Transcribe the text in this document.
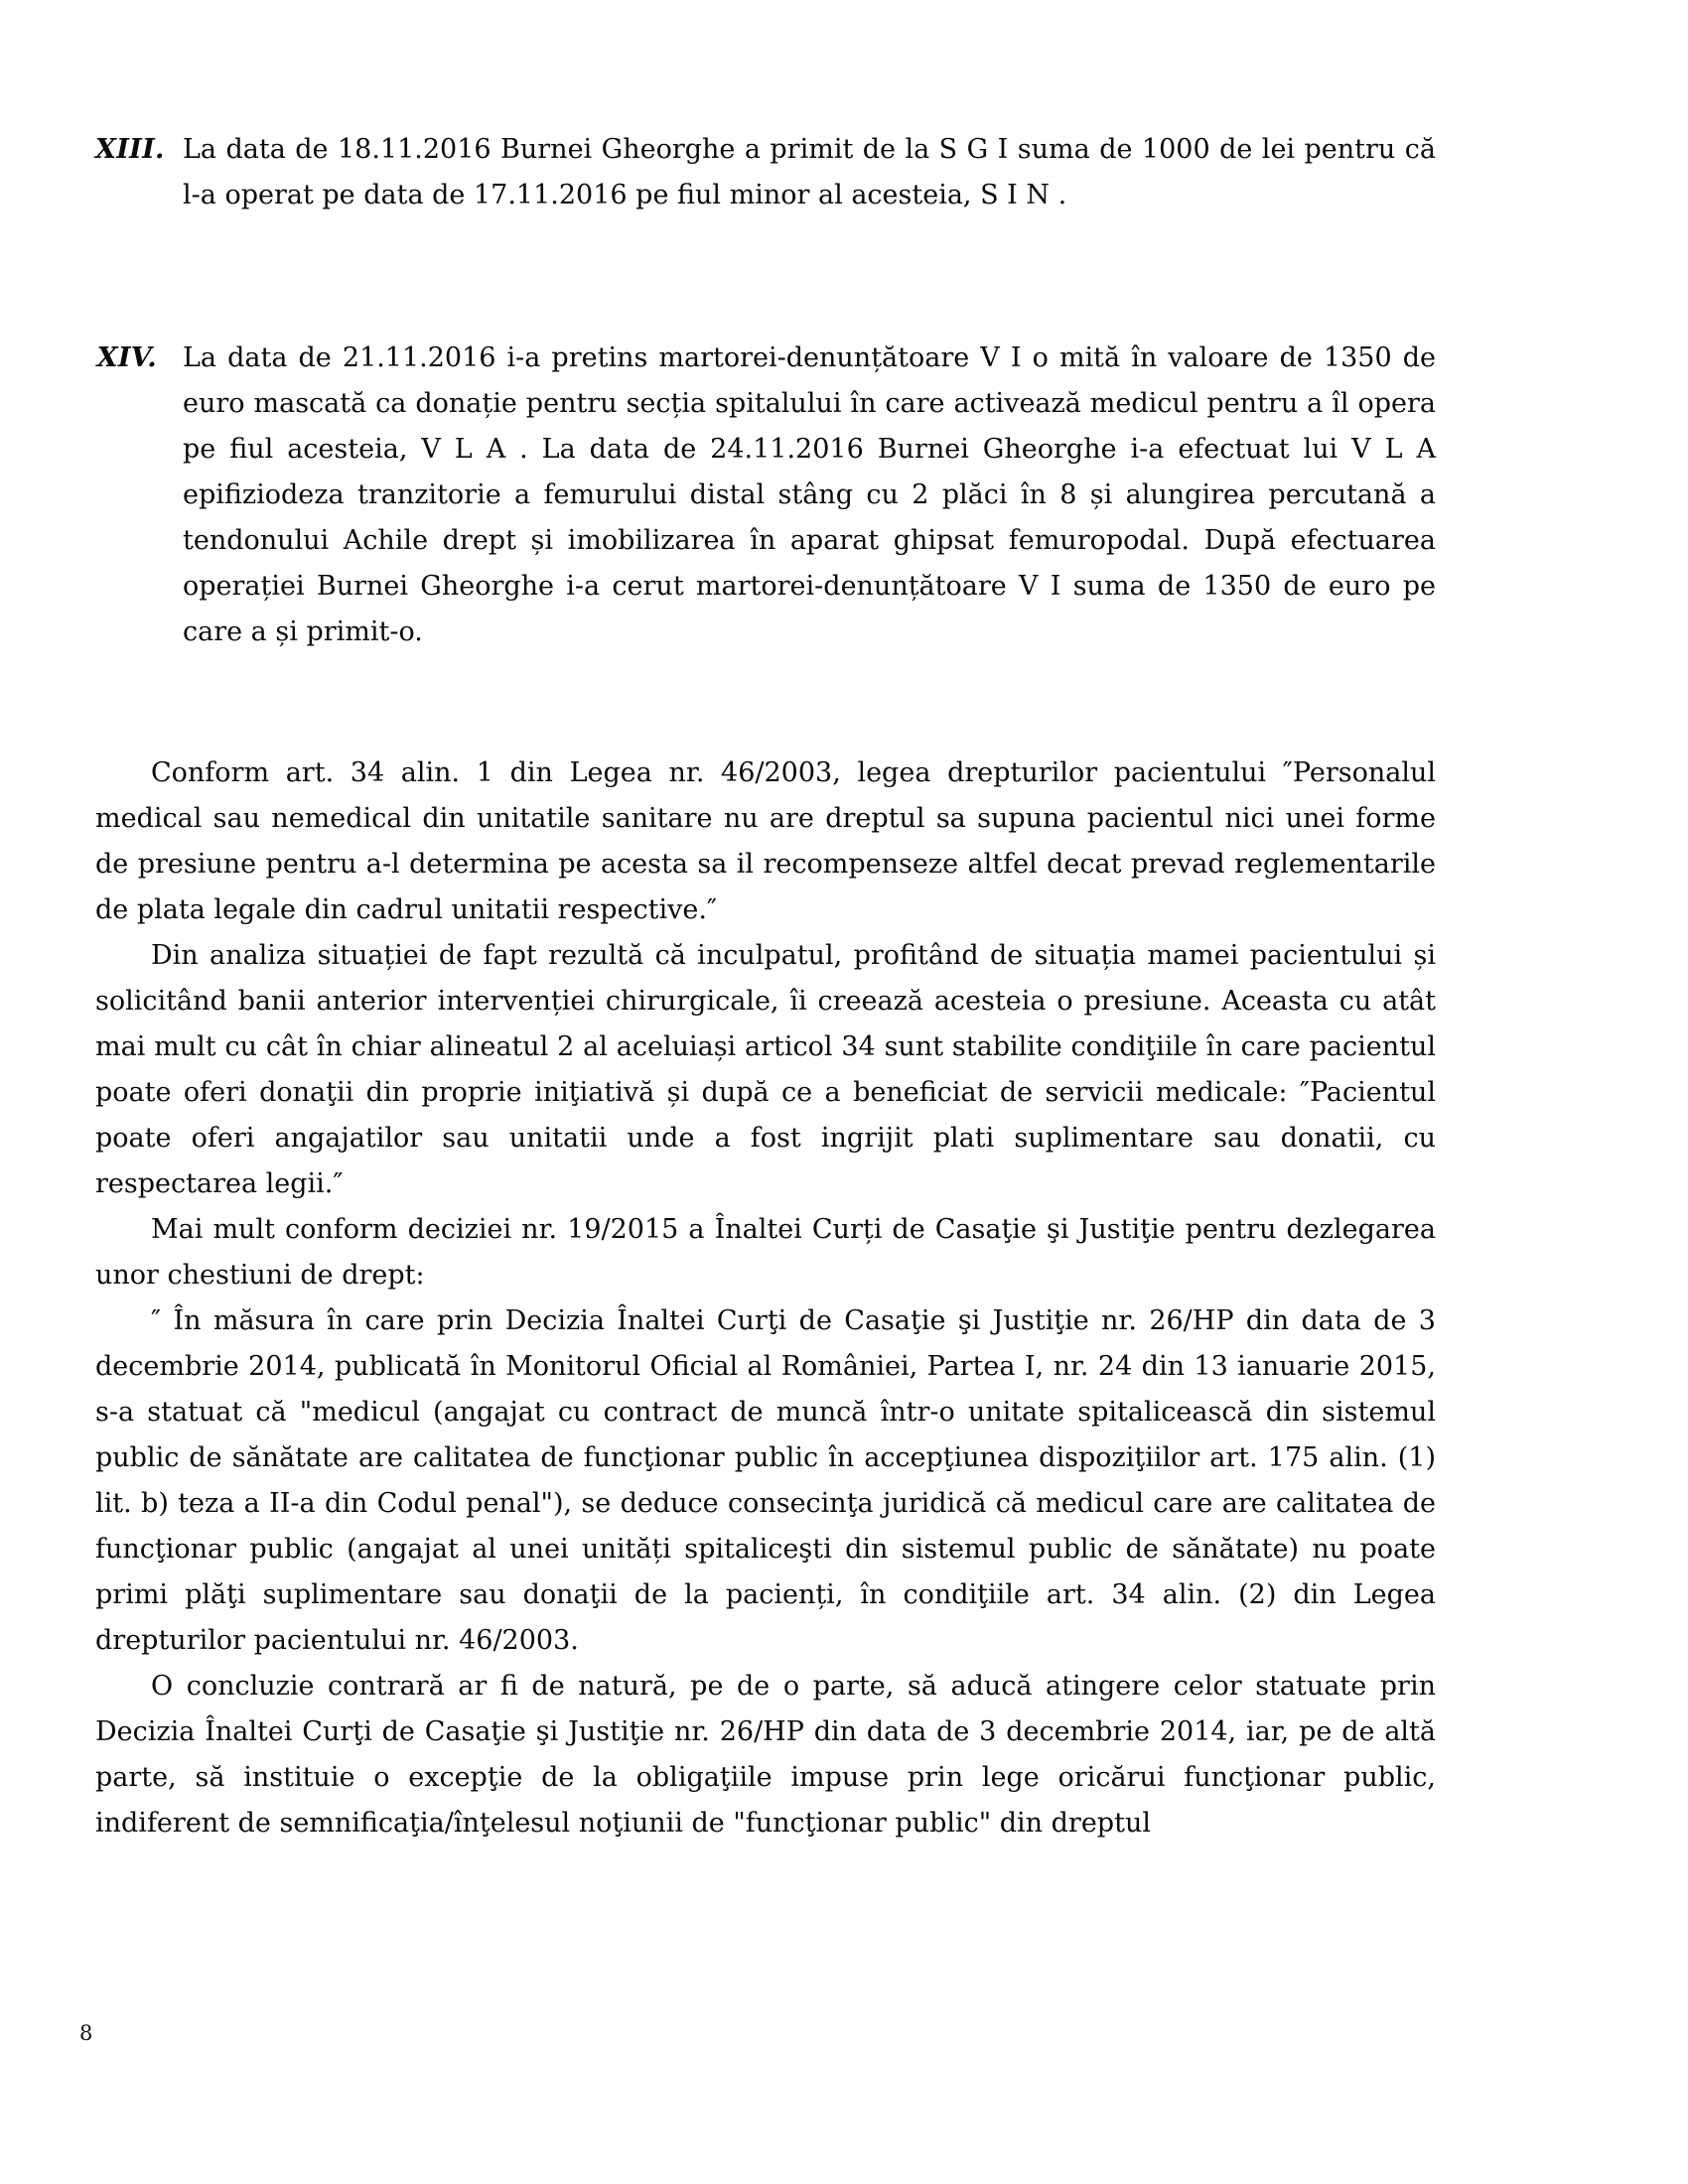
XIII. La data de 18.11.2016 Burnei Gheorghe a primit de la S G I suma de 1000 de lei pentru că l-a operat pe data de 17.11.2016 pe fiul minor al acesteia, S I N .
XIV. La data de 21.11.2016 i-a pretins martorei-denunțătoare V I o mită în valoare de 1350 de euro mascată ca donație pentru secția spitalului în care activează medicul pentru a îl opera pe fiul acesteia, V L A . La data de 24.11.2016 Burnei Gheorghe i-a efectuat lui V L A epifiziodeza tranzitorie a femurului distal stâng cu 2 plăci în 8 și alungirea percutană a tendonului Achile drept și imobilizarea în aparat ghipsat femuropodal. După efectuarea operației Burnei Gheorghe i-a cerut martorei-denunțătoare V I suma de 1350 de euro pe care a și primit-o.

Conform art. 34 alin. 1 din Legea nr. 46/2003, legea drepturilor pacientului ″Personalul medical sau nemedical din unitatile sanitare nu are dreptul sa supuna pacientul nici unei forme de presiune pentru a-l determina pe acesta sa il recompenseze altfel decat prevad reglementarile de plata legale din cadrul unitatii respective.″

Din analiza situației de fapt rezultă că inculpatul, profitând de situația mamei pacientului și solicitând banii anterior intervenției chirurgicale, îi creează acesteia o presiune. Aceasta cu atât mai mult cu cât în chiar alineatul 2 al aceluiași articol 34 sunt stabilite condiţiile în care pacientul poate oferi donaţii din proprie iniţiativă și după ce a beneficiat de servicii medicale: ″Pacientul poate oferi angajatilor sau unitatii unde a fost ingrijit plati suplimentare sau donatii, cu respectarea legii.″

Mai mult conform deciziei nr. 19/2015 a Înaltei Curți de Casaţie şi Justiţie pentru dezlegarea unor chestiuni de drept:

″ În măsura în care prin Decizia Înaltei Curţi de Casaţie şi Justiţie nr. 26/HP din data de 3 decembrie 2014, publicată în Monitorul Oficial al României, Partea I, nr. 24 din 13 ianuarie 2015, s-a statuat că "medicul (angajat cu contract de muncă într-o unitate spitalicească din sistemul public de sănătate are calitatea de funcţionar public în accepţiunea dispoziţiilor art. 175 alin. (1) lit. b) teza a II-a din Codul penal"), se deduce consecinţa juridică că medicul care are calitatea de funcţionar public (angajat al unei unități spitaliceşti din sistemul public de sănătate) nu poate primi plăţi suplimentare sau donaţii de la pacienți, în condiţiile art. 34 alin. (2) din Legea drepturilor pacientului nr. 46/2003.

O concluzie contrară ar fi de natură, pe de o parte, să aducă atingere celor statuate prin Decizia Înaltei Curţi de Casaţie şi Justiţie nr. 26/HP din data de 3 decembrie 2014, iar, pe de altă parte, să instituie o excepţie de la obligaţiile impuse prin lege oricărui funcţionar public, indiferent de semnificaţia/înţelesul noţiunii de "funcţionar public" din dreptul

8
